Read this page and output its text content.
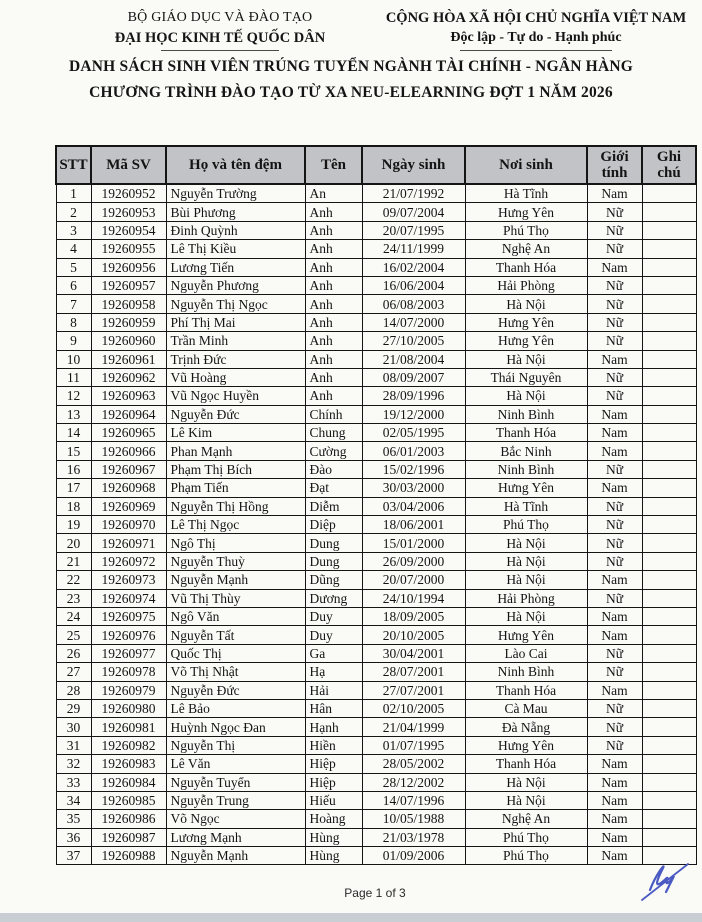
BỘ GIÁO DỤC VÀ ĐÀO TẠO
ĐẠI HỌC KINH TẾ QUỐC DÂN
CỘNG HÒA XÃ HỘI CHỦ NGHĨA VIỆT NAM
Độc lập - Tự do - Hạnh phúc
DANH SÁCH SINH VIÊN TRÚNG TUYỂN NGÀNH TÀI CHÍNH - NGÂN HÀNG
CHƯƠNG TRÌNH ĐÀO TẠO TỪ XA NEU-ELEARNING ĐỢT 1 NĂM 2026
STT	Mã SV	Họ và tên đệm	Tên	Ngày sinh	Nơi sinh	Giới tính	Ghi chú
1	19260952	Nguyễn Trường	An	21/07/1992	Hà Tĩnh	Nam	
2	19260953	Bùi Phương	Anh	09/07/2004	Hưng Yên	Nữ	
3	19260954	Đinh Quỳnh	Anh	20/07/1995	Phú Thọ	Nữ	
4	19260955	Lê Thị Kiều	Anh	24/11/1999	Nghệ An	Nữ	
5	19260956	Lương Tiến	Anh	16/02/2004	Thanh Hóa	Nam	
6	19260957	Nguyễn Phương	Anh	16/06/2004	Hải Phòng	Nữ	
7	19260958	Nguyễn Thị Ngọc	Anh	06/08/2003	Hà Nội	Nữ	
8	19260959	Phí Thị Mai	Anh	14/07/2000	Hưng Yên	Nữ	
9	19260960	Trần Minh	Anh	27/10/2005	Hưng Yên	Nữ	
10	19260961	Trịnh Đức	Anh	21/08/2004	Hà Nội	Nam	
11	19260962	Vũ Hoàng	Anh	08/09/2007	Thái Nguyên	Nữ	
12	19260963	Vũ Ngọc Huyền	Anh	28/09/1996	Hà Nội	Nữ	
13	19260964	Nguyễn Đức	Chính	19/12/2000	Ninh Bình	Nam	
14	19260965	Lê Kim	Chung	02/05/1995	Thanh Hóa	Nam	
15	19260966	Phan Mạnh	Cường	06/01/2003	Bắc Ninh	Nam	
16	19260967	Phạm Thị Bích	Đào	15/02/1996	Ninh Bình	Nữ	
17	19260968	Phạm Tiến	Đạt	30/03/2000	Hưng Yên	Nam	
18	19260969	Nguyễn Thị Hồng	Diễm	03/04/2006	Hà Tĩnh	Nữ	
19	19260970	Lê Thị Ngọc	Diệp	18/06/2001	Phú Thọ	Nữ	
20	19260971	Ngô Thị	Dung	15/01/2000	Hà Nội	Nữ	
21	19260972	Nguyễn Thuỳ	Dung	26/09/2000	Hà Nội	Nữ	
22	19260973	Nguyễn Mạnh	Dũng	20/07/2000	Hà Nội	Nam	
23	19260974	Vũ Thị Thùy	Dương	24/10/1994	Hải Phòng	Nữ	
24	19260975	Ngô Văn	Duy	18/09/2005	Hà Nội	Nam	
25	19260976	Nguyễn Tất	Duy	20/10/2005	Hưng Yên	Nam	
26	19260977	Quốc Thị	Ga	30/04/2001	Lào Cai	Nữ	
27	19260978	Võ Thị Nhật	Hạ	28/07/2001	Ninh Bình	Nữ	
28	19260979	Nguyễn Đức	Hải	27/07/2001	Thanh Hóa	Nam	
29	19260980	Lê Bảo	Hân	02/10/2005	Cà Mau	Nữ	
30	19260981	Huỳnh Ngọc Đan	Hạnh	21/04/1999	Đà Nẵng	Nữ	
31	19260982	Nguyễn Thị	Hiền	01/07/1995	Hưng Yên	Nữ	
32	19260983	Lê Văn	Hiệp	28/05/2002	Thanh Hóa	Nam	
33	19260984	Nguyễn Tuyển	Hiệp	28/12/2002	Hà Nội	Nam	
34	19260985	Nguyễn Trung	Hiếu	14/07/1996	Hà Nội	Nam	
35	19260986	Võ Ngọc	Hoàng	10/05/1988	Nghệ An	Nam	
36	19260987	Lương Mạnh	Hùng	21/03/1978	Phú Thọ	Nam	
37	19260988	Nguyễn Mạnh	Hùng	01/09/2006	Phú Thọ	Nam	
Page 1 of 3
